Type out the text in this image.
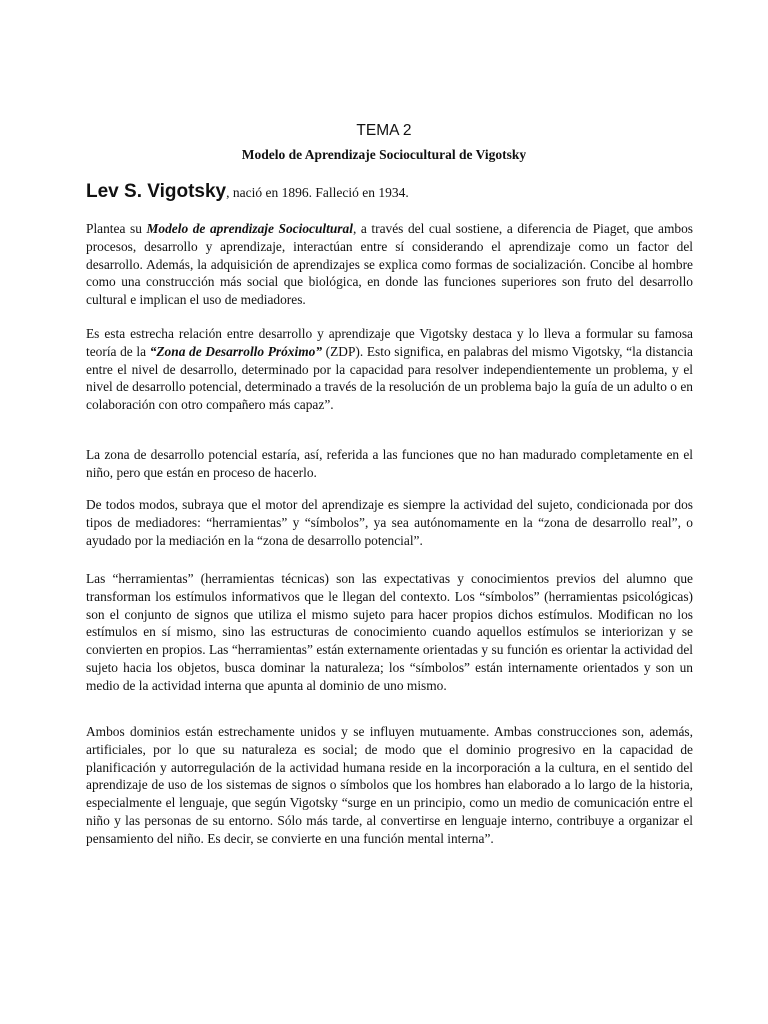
TEMA 2
Modelo de Aprendizaje Sociocultural de Vigotsky
Lev S. Vigotsky, nació en 1896. Falleció en 1934.

Plantea su Modelo de aprendizaje Sociocultural, a través del cual sostiene, a diferencia de Piaget, que ambos procesos, desarrollo y aprendizaje, interactúan entre sí considerando el aprendizaje como un factor del desarrollo. Además, la adquisición de aprendizajes se explica como formas de socialización. Concibe al hombre como una construcción más social que biológica, en donde las funciones superiores son fruto del desarrollo cultural e implican el uso de mediadores.

Es esta estrecha relación entre desarrollo y aprendizaje que Vigotsky destaca y lo lleva a formular su famosa teoría de la “Zona de Desarrollo Próximo” (ZDP). Esto significa, en palabras del mismo Vigotsky, “la distancia entre el nivel de desarrollo, determinado por la capacidad para resolver independientemente un problema, y el nivel de desarrollo potencial, determinado a través de la resolución de un problema bajo la guía de un adulto o en colaboración con otro compañero más capaz”.

La zona de desarrollo potencial estaría, así, referida a las funciones que no han madurado completamente en el niño, pero que están en proceso de hacerlo.

De todos modos, subraya que el motor del aprendizaje es siempre la actividad del sujeto, condicionada por dos tipos de mediadores: “herramientas” y “símbolos”, ya sea autónomamente en la “zona de desarrollo real”, o ayudado por la mediación en la “zona de desarrollo potencial”.

Las “herramientas” (herramientas técnicas) son las expectativas y conocimientos previos del alumno que transforman los estímulos informativos que le llegan del contexto. Los “símbolos” (herramientas psicológicas) son el conjunto de signos que utiliza el mismo sujeto para hacer propios dichos estímulos. Modifican no los estímulos en sí mismo, sino las estructuras de conocimiento cuando aquellos estímulos se interiorizan y se convierten en propios. Las “herramientas” están externamente orientadas y su función es orientar la actividad del sujeto hacia los objetos, busca dominar la naturaleza; los “símbolos” están internamente orientados y son un medio de la actividad interna que apunta al dominio de uno mismo.

Ambos dominios están estrechamente unidos y se influyen mutuamente. Ambas construcciones son, además, artificiales, por lo que su naturaleza es social; de modo que el dominio progresivo en la capacidad de planificación y autorregulación de la actividad humana reside en la incorporación a la cultura, en el sentido del aprendizaje de uso de los sistemas de signos o símbolos que los hombres han elaborado a lo largo de la historia, especialmente el lenguaje, que según Vigotsky “surge en un principio, como un medio de comunicación entre el niño y las personas de su entorno. Sólo más tarde, al convertirse en lenguaje interno, contribuye a organizar el pensamiento del niño. Es decir, se convierte en una función mental interna”.
